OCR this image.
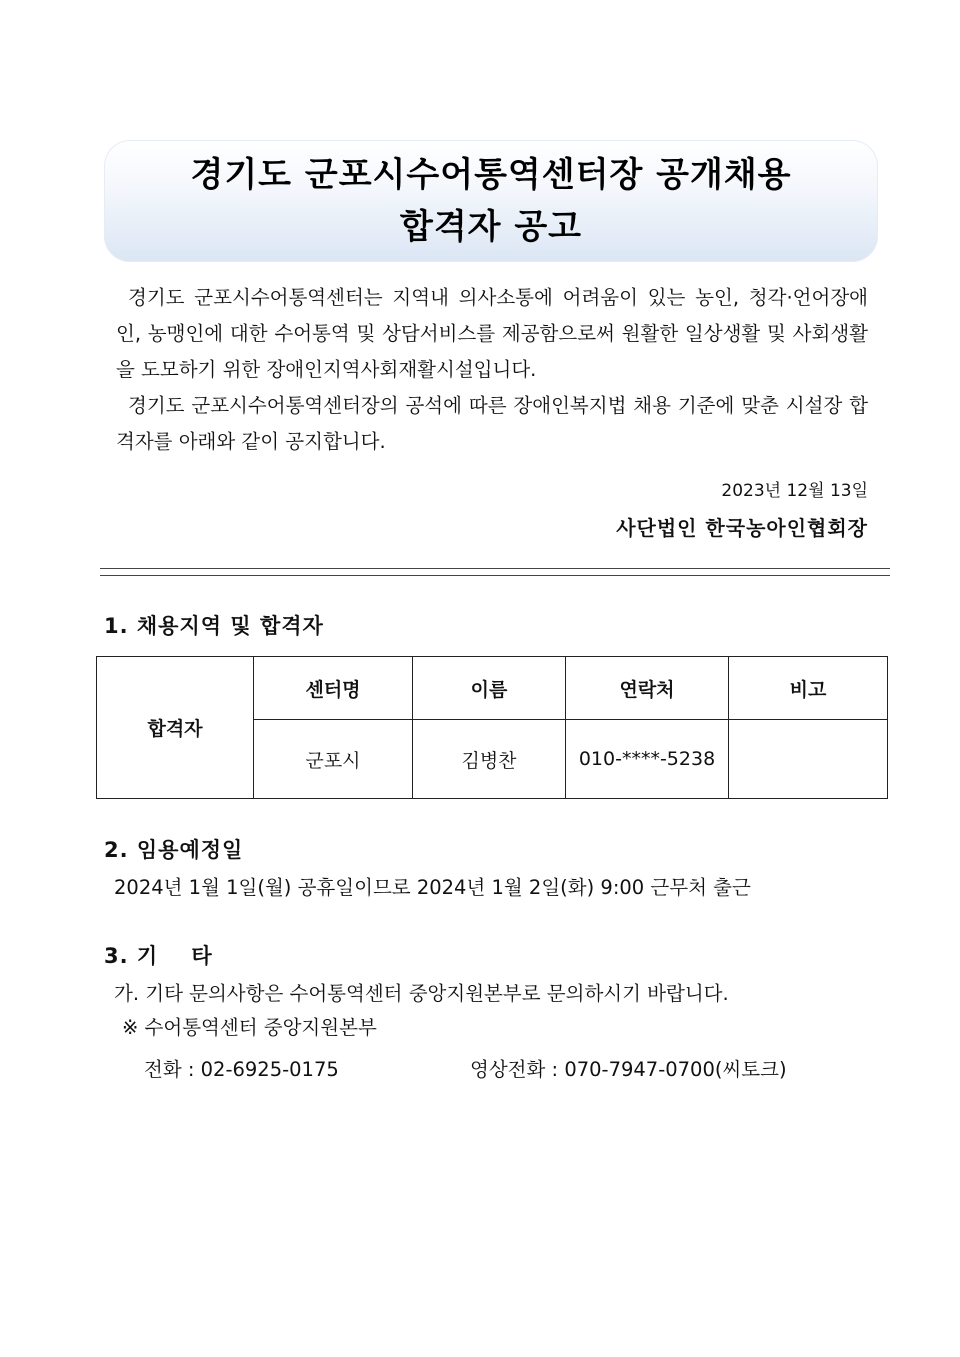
경기도 군포시수어통역센터장 공개채용
합격자 공고

경기도 군포시수어통역센터는 지역내 의사소통에 어려움이 있는 농인, 청각·언어장애인, 농맹인에 대한 수어통역 및 상담서비스를 제공함으로써 원활한 일상생활 및 사회생활을 도모하기 위한 장애인지역사회재활시설입니다.

경기도 군포시수어통역센터장의 공석에 따른 장애인복지법 채용 기준에 맞춘 시설장 합격자를 아래와 같이 공지합니다.

2023년 12월 13일
사단법인 한국농아인협회장
1. 채용지역 및 합격자
합격자	센터명	이름	연락처	비고
	군포시	김병찬	010-****-5238	
2. 임용예정일
2024년 1월 1일(월) 공휴일이므로 2024년 1월 2일(화) 9:00 근무처 출근
3. 기    타
가. 기타 문의사항은 수어통역센터 중앙지원본부로 문의하시기 바랍니다.
※ 수어통역센터 중앙지원본부
전화 : 02-6925-0175	영상전화 : 070-7947-0700(씨토크)
